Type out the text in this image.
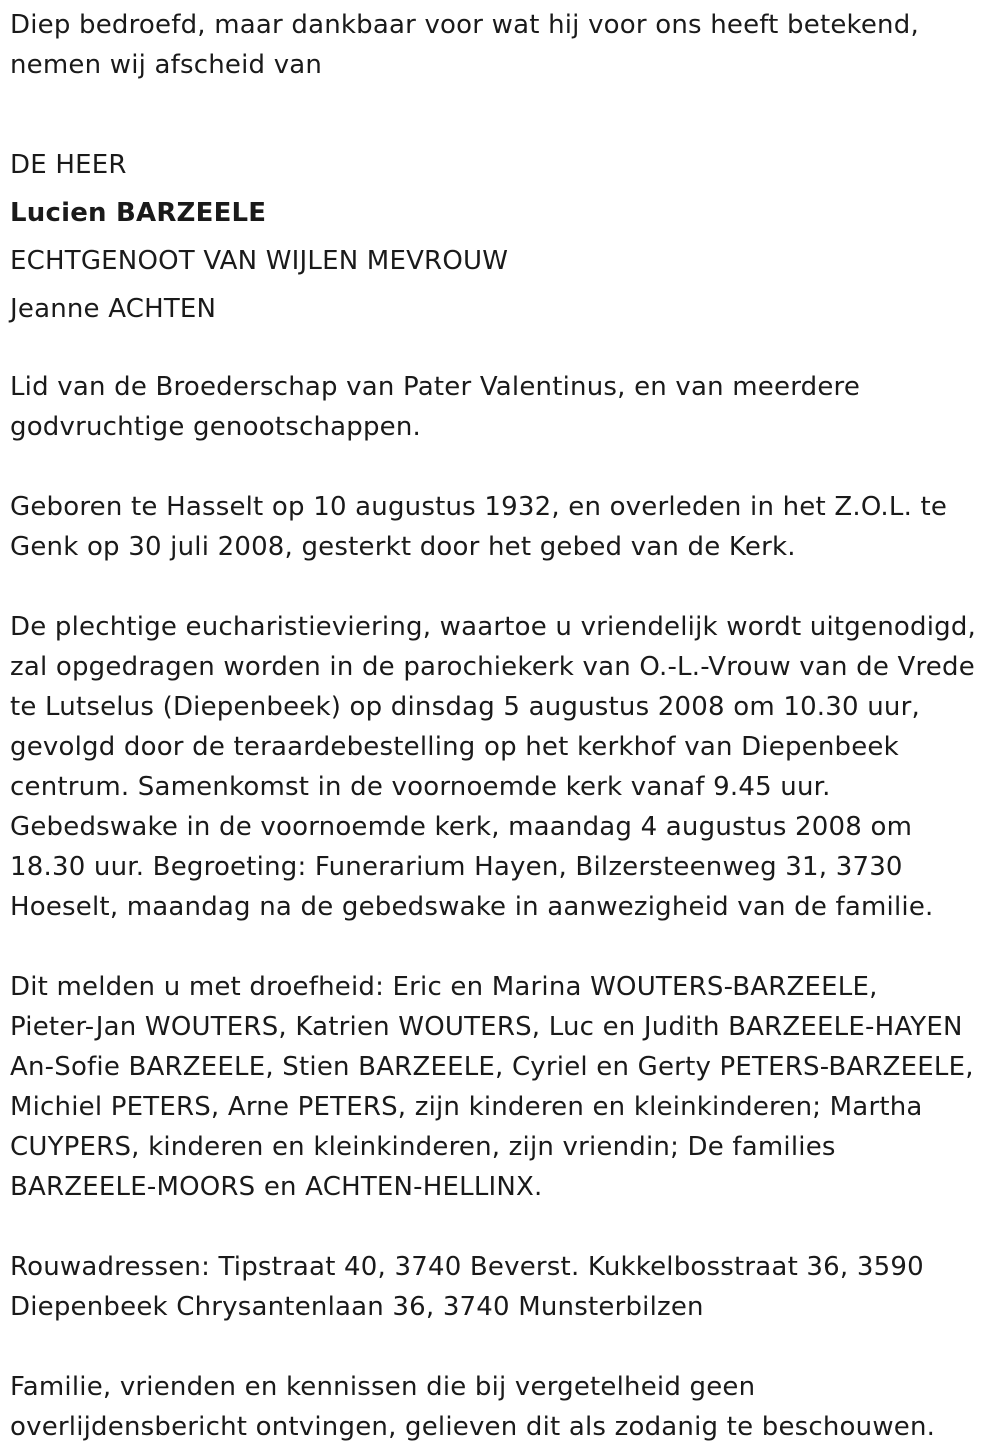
Diep bedroefd, maar dankbaar voor wat hij voor ons heeft betekend,
nemen wij afscheid van
DE HEER
Lucien BARZEELE
ECHTGENOOT VAN WIJLEN MEVROUW
Jeanne ACHTEN
Lid van de Broederschap van Pater Valentinus, en van meerdere
godvruchtige genootschappen.
Geboren te Hasselt op 10 augustus 1932, en overleden in het Z.O.L. te
Genk op 30 juli 2008, gesterkt door het gebed van de Kerk.
De plechtige eucharistieviering, waartoe u vriendelijk wordt uitgenodigd,
zal opgedragen worden in de parochiekerk van O.-L.-Vrouw van de Vrede
te Lutselus (Diepenbeek) op dinsdag 5 augustus 2008 om 10.30 uur,
gevolgd door de teraardebestelling op het kerkhof van Diepenbeek
centrum. Samenkomst in de voornoemde kerk vanaf 9.45 uur.
Gebedswake in de voornoemde kerk, maandag 4 augustus 2008 om
18.30 uur. Begroeting: Funerarium Hayen, Bilzersteenweg 31, 3730
Hoeselt, maandag na de gebedswake in aanwezigheid van de familie.
Dit melden u met droefheid: Eric en Marina WOUTERS-BARZEELE,
Pieter-Jan WOUTERS, Katrien WOUTERS, Luc en Judith BARZEELE-HAYEN
An-Sofie BARZEELE, Stien BARZEELE, Cyriel en Gerty PETERS-BARZEELE,
Michiel PETERS, Arne PETERS, zijn kinderen en kleinkinderen; Martha
CUYPERS, kinderen en kleinkinderen, zijn vriendin; De families
BARZEELE-MOORS en ACHTEN-HELLINX.
Rouwadressen: Tipstraat 40, 3740 Beverst. Kukkelbosstraat 36, 3590
Diepenbeek Chrysantenlaan 36, 3740 Munsterbilzen
Familie, vrienden en kennissen die bij vergetelheid geen
overlijdensbericht ontvingen, gelieven dit als zodanig te beschouwen.
